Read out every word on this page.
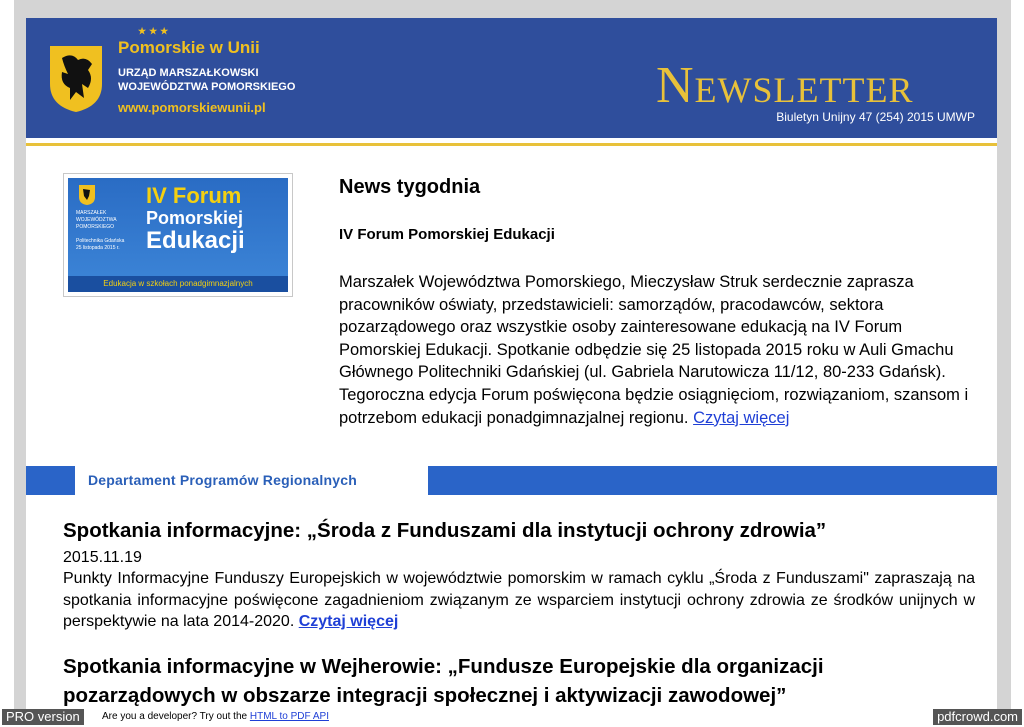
★★★
Pomorskie w Unii
URZĄD MARSZAŁKOWSKI
WOJEWÓDZTWA POMORSKIEGO
www.pomorskiewunii.pl	Newsletter
Biuletyn Unijny 47 (254) 2015 UMWP
MARSZAŁEK
WOJEWÓDZTWA
POMORSKIEGO
Politechnika Gdańska
25 listopada 2015 r.
IV Forum
Pomorskiej
Edukacji
Edukacja w szkołach ponadgimnazjalnych
News tygodnia
IV Forum Pomorskiej Edukacji
Marszałek Województwa Pomorskiego, Mieczysław Struk serdecznie zaprasza pracowników oświaty, przedstawicieli: samorządów, pracodawców, sektora pozarządowego oraz wszystkie osoby zainteresowane edukacją na IV Forum Pomorskiej Edukacji. Spotkanie odbędzie się 25 listopada 2015 roku w Auli Gmachu Głównego Politechniki Gdańskiej (ul. Gabriela Narutowicza 11/12, 80-233 Gdańsk). Tegoroczna edycja Forum poświęcona będzie osiągnięciom, rozwiązaniom, szansom i potrzebom edukacji ponadgimnazjalnej regionu. Czytaj więcej
Departament Programów Regionalnych
Spotkania informacyjne: „Środa z Funduszami dla instytucji ochrony zdrowia”
2015.11.19
Punkty Informacyjne Funduszy Europejskich w województwie pomorskim w ramach cyklu „Środa z Funduszami" zapraszają na spotkania informacyjne poświęcone zagadnieniom związanym ze wsparciem instytucji ochrony zdrowia ze środków unijnych w perspektywie na lata 2014-2020. Czytaj więcej
Spotkania informacyjne w Wejherowie: „Fundusze Europejskie dla organizacji pozarządowych w obszarze integracji społecznej i aktywizacji zawodowej”
PRO version	Are you a developer? Try out the HTML to PDF API	pdfcrowd.com
